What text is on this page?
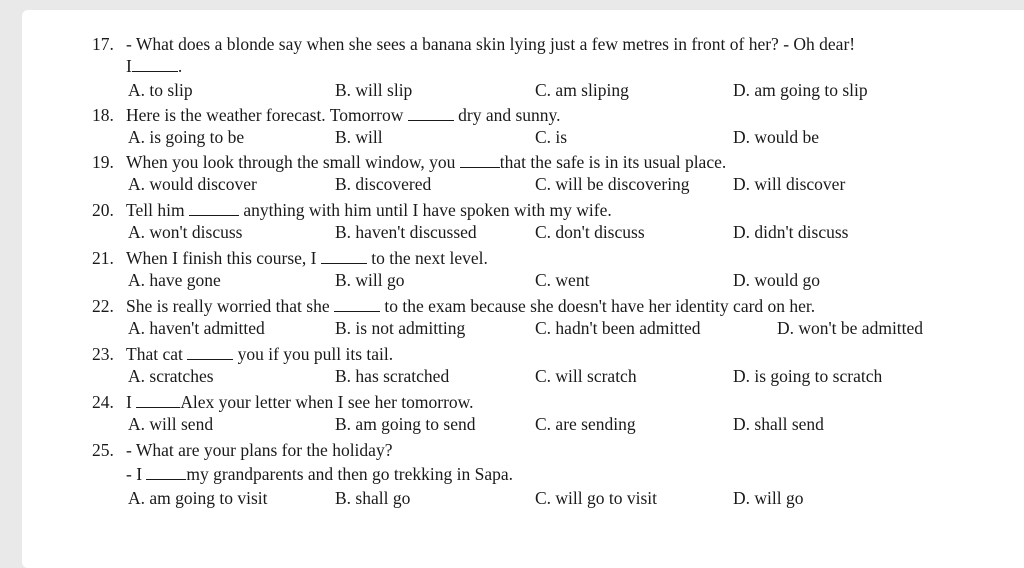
17. - What does a blonde say when she sees a banana skin lying just a few metres in front of her? - Oh dear!
I	.
A. to slip	B. will slip	C. am sliping	D. am going to slip
18. Here is the weather forecast. Tomorrow	dry and sunny.
A. is going to be	B. will	C. is	D. would be
19. When you look through the small window, you	that the safe is in its usual place.
A. would discover	B. discovered	C. will be discovering D. will discover
20. Tell him	anything with him until I have spoken with my wife.
A. won't discuss	B. haven't discussed	C. don't discuss	D. didn't discuss
21. When I finish this course, I	to the next level.
A. have gone	B. will go	C. went	D. would go
22. She is really worried that she	to the exam because she doesn't have her identity card on her.
A. haven't admitted	B. is not admitting	C. hadn't been admitted	D. won't be admitted
23. That cat	you if you pull its tail.
A. scratches	B. has scratched	C. will scratch	D. is going to scratch
24. I	Alex your letter when I see her tomorrow.
A. will send	B. am going to send	C. are sending	D. shall send
25. - What are your plans for the holiday?
- I	my grandparents and then go trekking in Sapa.
A. am going to visit	B. shall go	C. will go to visit	D. will go
